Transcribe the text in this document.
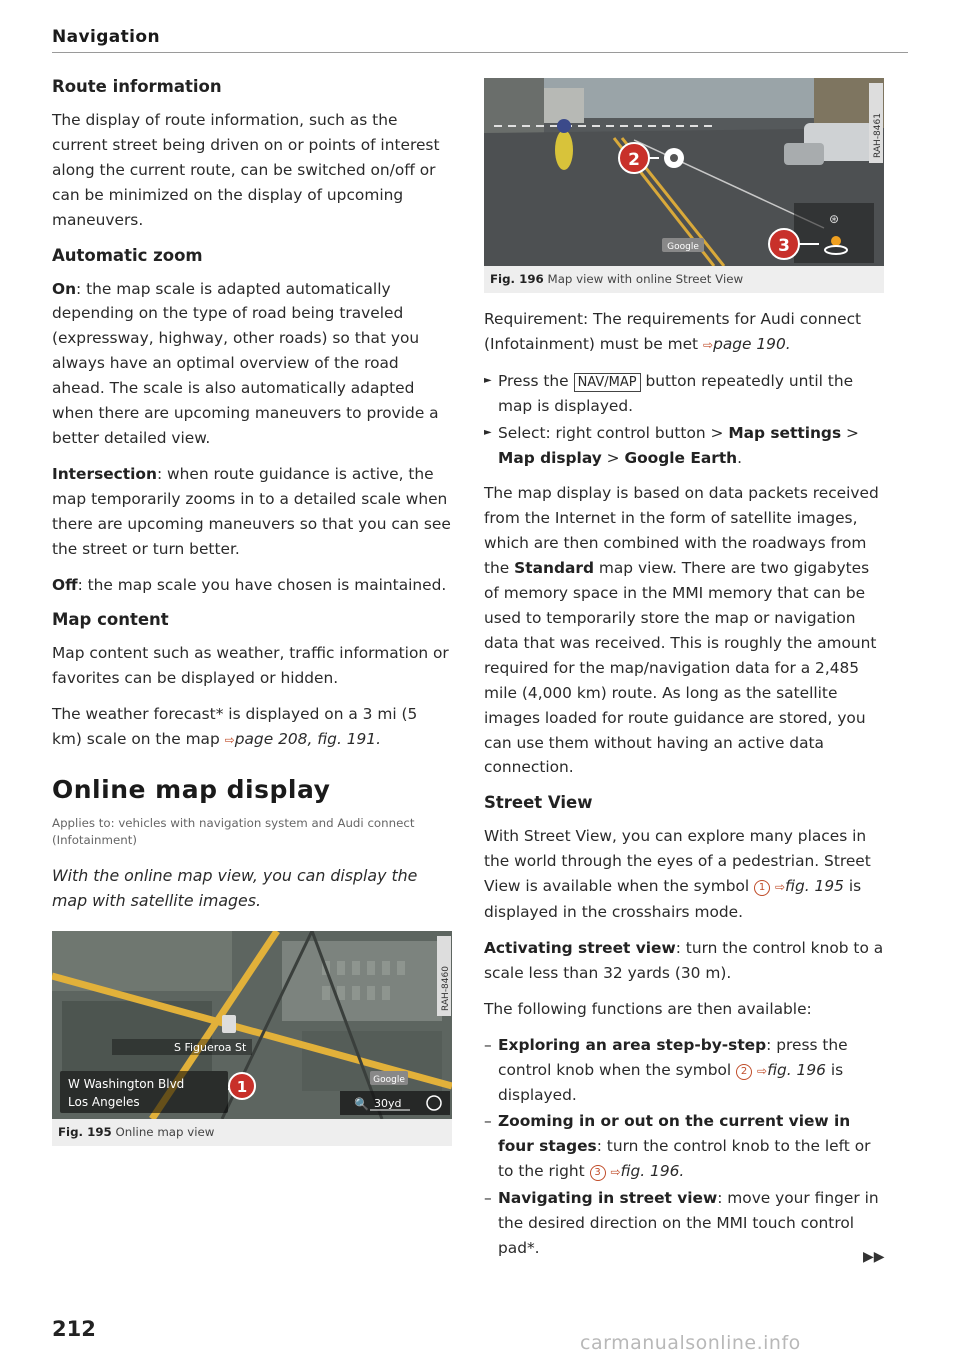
Navigation
Route information

The display of route information, such as the current street being driven on or points of interest along the current route, can be switched on/off or can be minimized on the display of upcoming maneuvers.

Automatic zoom

On: the map scale is adapted automatically depending on the type of road being traveled (expressway, highway, other roads) so that you always have an optimal overview of the road ahead. The scale is also automatically adapted when there are upcoming maneuvers to provide a better detailed view.

Intersection: when route guidance is active, the map temporarily zooms in to a detailed scale when there are upcoming maneuvers so that you can see the street or turn better.

Off: the map scale you have chosen is maintained.

Map content

Map content such as weather, traffic information or favorites can be displayed or hidden.

The weather forecast* is displayed on a 3 mi (5 km) scale on the map ⇨page 208, fig. 191.

Online map display
Applies to: vehicles with navigation system and Audi connect (Infotainment)
With the online map view, you can display the map with satellite images.
S Figueroa St
W Washington Blvd
Los Angeles
1	Google
🔍 30yd
RAH-8460
Fig. 195 Online map view
2
⊛
3
Google
RAH-8461
Fig. 196 Map view with online Street View

Requirement: The requirements for Audi connect (Infotainment) must be met ⇨page 190.

► Press the NAV/MAP button repeatedly until the map is displayed.
► Select: right control button > Map settings > Map display > Google Earth.

The map display is based on data packets received from the Internet in the form of satellite images, which are then combined with the roadways from the Standard map view. There are two gigabytes of memory space in the MMI memory that can be used to temporarily store the map or navigation data that was received. This is roughly the amount required for the map/navigation data for a 2,485 mile (4,000 km) route. As long as the satellite images loaded for route guidance are stored, you can use them without having an active data connection.

Street View

With Street View, you can explore many places in the world through the eyes of a pedestrian. Street View is available when the symbol 1 ⇨fig. 195 is displayed in the crosshairs mode.

Activating street view: turn the control knob to a scale less than 32 yards (30 m).

The following functions are then available:

– Exploring an area step-by-step: press the control knob when the symbol 2 ⇨fig. 196 is displayed.
– Zooming in or out on the current view in four stages: turn the control knob to the left or to the right 3 ⇨fig. 196.
– Navigating in street view: move your finger in the desired direction on the MMI touch control pad*.
▶▶
212
carmanualsonline.info
